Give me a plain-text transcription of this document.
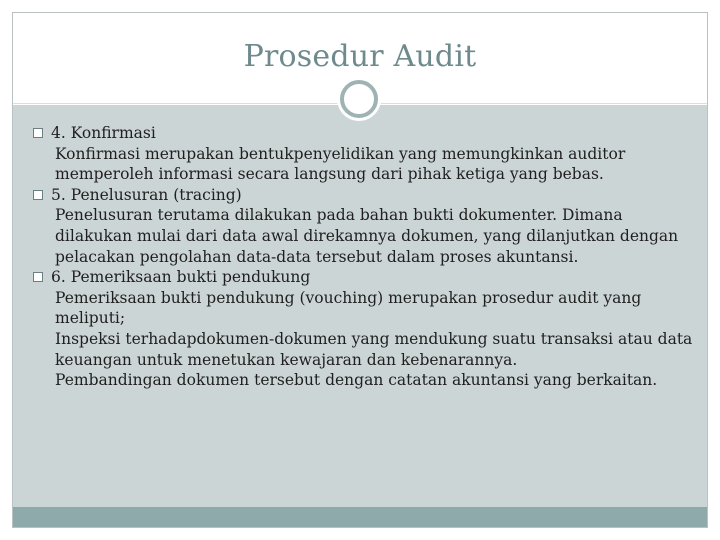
Prosedur Audit
4. Konfirmasi
Konfirmasi merupakan bentukpenyelidikan yang memungkinkan auditor memperoleh informasi secara langsung dari pihak ketiga yang bebas.
5. Penelusuran (tracing)
Penelusuran terutama dilakukan pada bahan bukti dokumenter. Dimana dilakukan mulai dari data awal direkamnya dokumen, yang dilanjutkan dengan pelacakan pengolahan data-data tersebut dalam proses akuntansi.
6. Pemeriksaan bukti pendukung
Pemeriksaan bukti pendukung (vouching) merupakan prosedur audit yang meliputi;
Inspeksi terhadapdokumen-dokumen yang mendukung suatu transaksi atau data keuangan untuk menetukan kewajaran dan kebenarannya.
Pembandingan dokumen tersebut dengan catatan akuntansi yang berkaitan.
